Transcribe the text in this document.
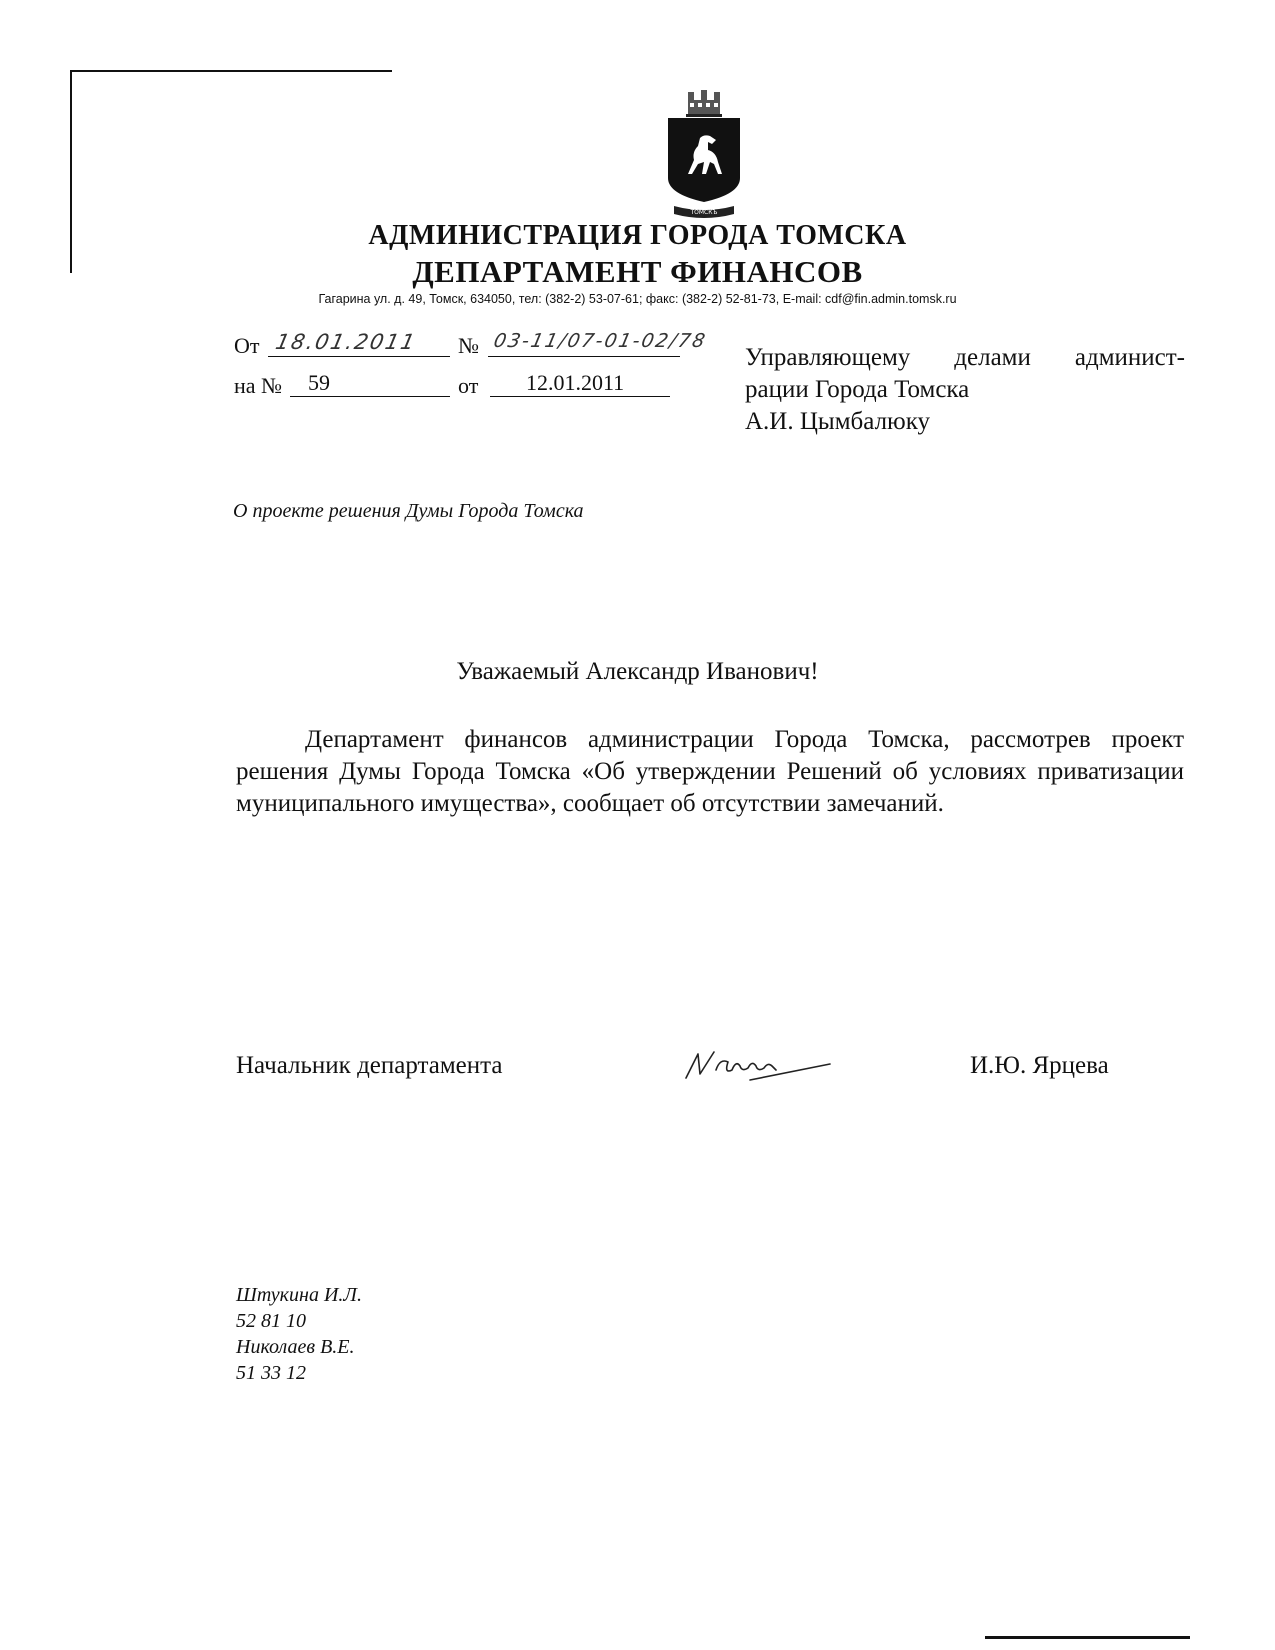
ТОМСКЪ
АДМИНИСТРАЦИЯ ГОРОДА ТОМСКА
ДЕПАРТАМЕНТ ФИНАНСОВ
Гагарина ул. д. 49, Томск, 634050, тел: (382-2) 53-07-61; факс: (382-2) 52-81-73, E-mail: cdf@fin.admin.tomsk.ru
От 18.01.2011	№ 03-11/07-01-02/78
на №	59	от	12.01.2011
Управляющему делами админист-
рации Города Томска
А.И. Цымбалюку
О проекте решения Думы Города Томска
Уважаемый Александр Иванович!

Департамент финансов администрации Города Томска, рассмотрев проект решения Думы Города Томска «Об утверждении Решений об условиях приватизации муниципального имущества», сообщает об отсутствии замечаний.

Начальник департамента	И.Ю. Ярцева
Штукина И.Л.
52 81 10
Николаев В.Е.
51 33 12
